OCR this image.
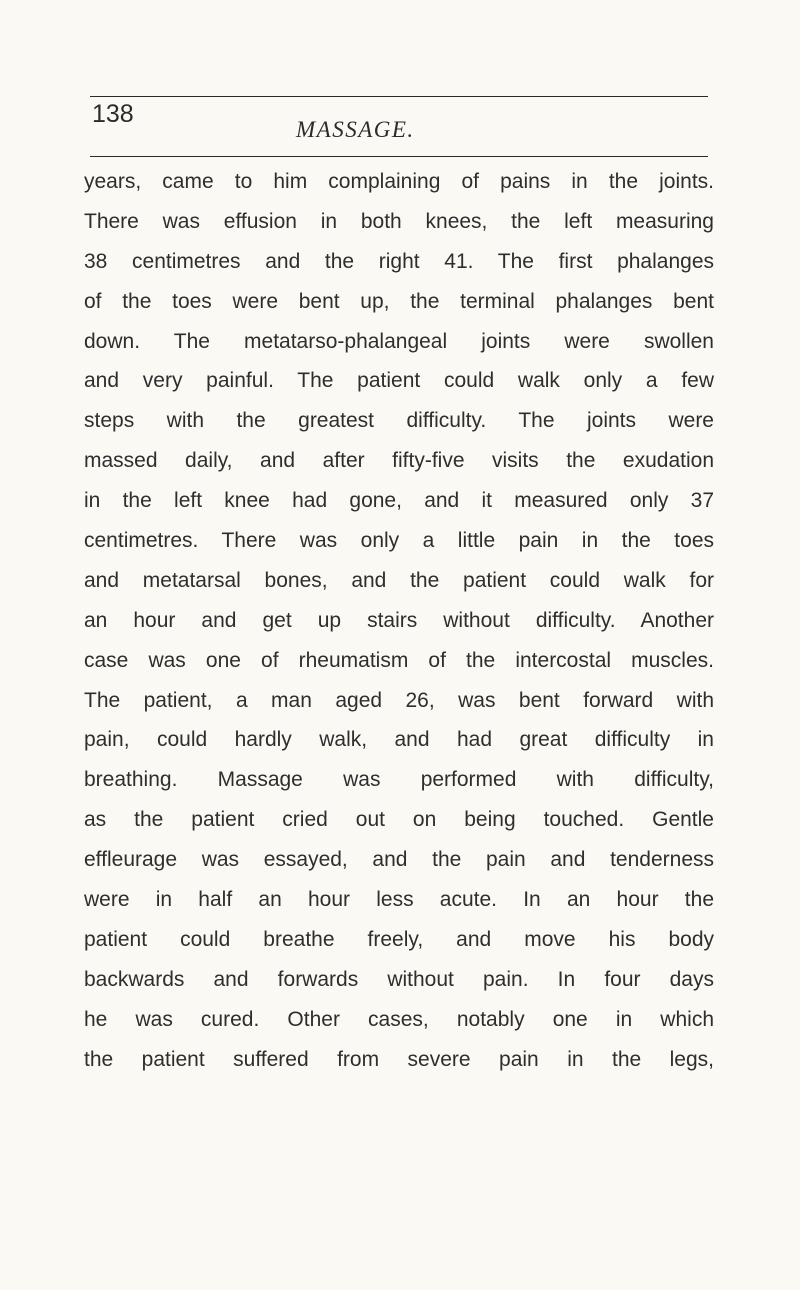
138
MASSAGE.
years, came to him complaining of pains in the joints.
There was effusion in both knees, the left measuring
38 centimetres and the right 41. The first phalanges
of the toes were bent up, the terminal phalanges bent
down. The metatarso-phalangeal joints were swollen
and very painful. The patient could walk only a few
steps with the greatest difficulty. The joints were
massed daily, and after fifty-five visits the exudation
in the left knee had gone, and it measured only 37
centimetres. There was only a little pain in the toes
and metatarsal bones, and the patient could walk for
an hour and get up stairs without difficulty. Another
case was one of rheumatism of the intercostal muscles.
The patient, a man aged 26, was bent forward with
pain, could hardly walk, and had great difficulty in
breathing. Massage was performed with difficulty,
as the patient cried out on being touched. Gentle
effleurage was essayed, and the pain and tenderness
were in half an hour less acute. In an hour the
patient could breathe freely, and move his body
backwards and forwards without pain. In four days
he was cured. Other cases, notably one in which
the patient suffered from severe pain in the legs,
